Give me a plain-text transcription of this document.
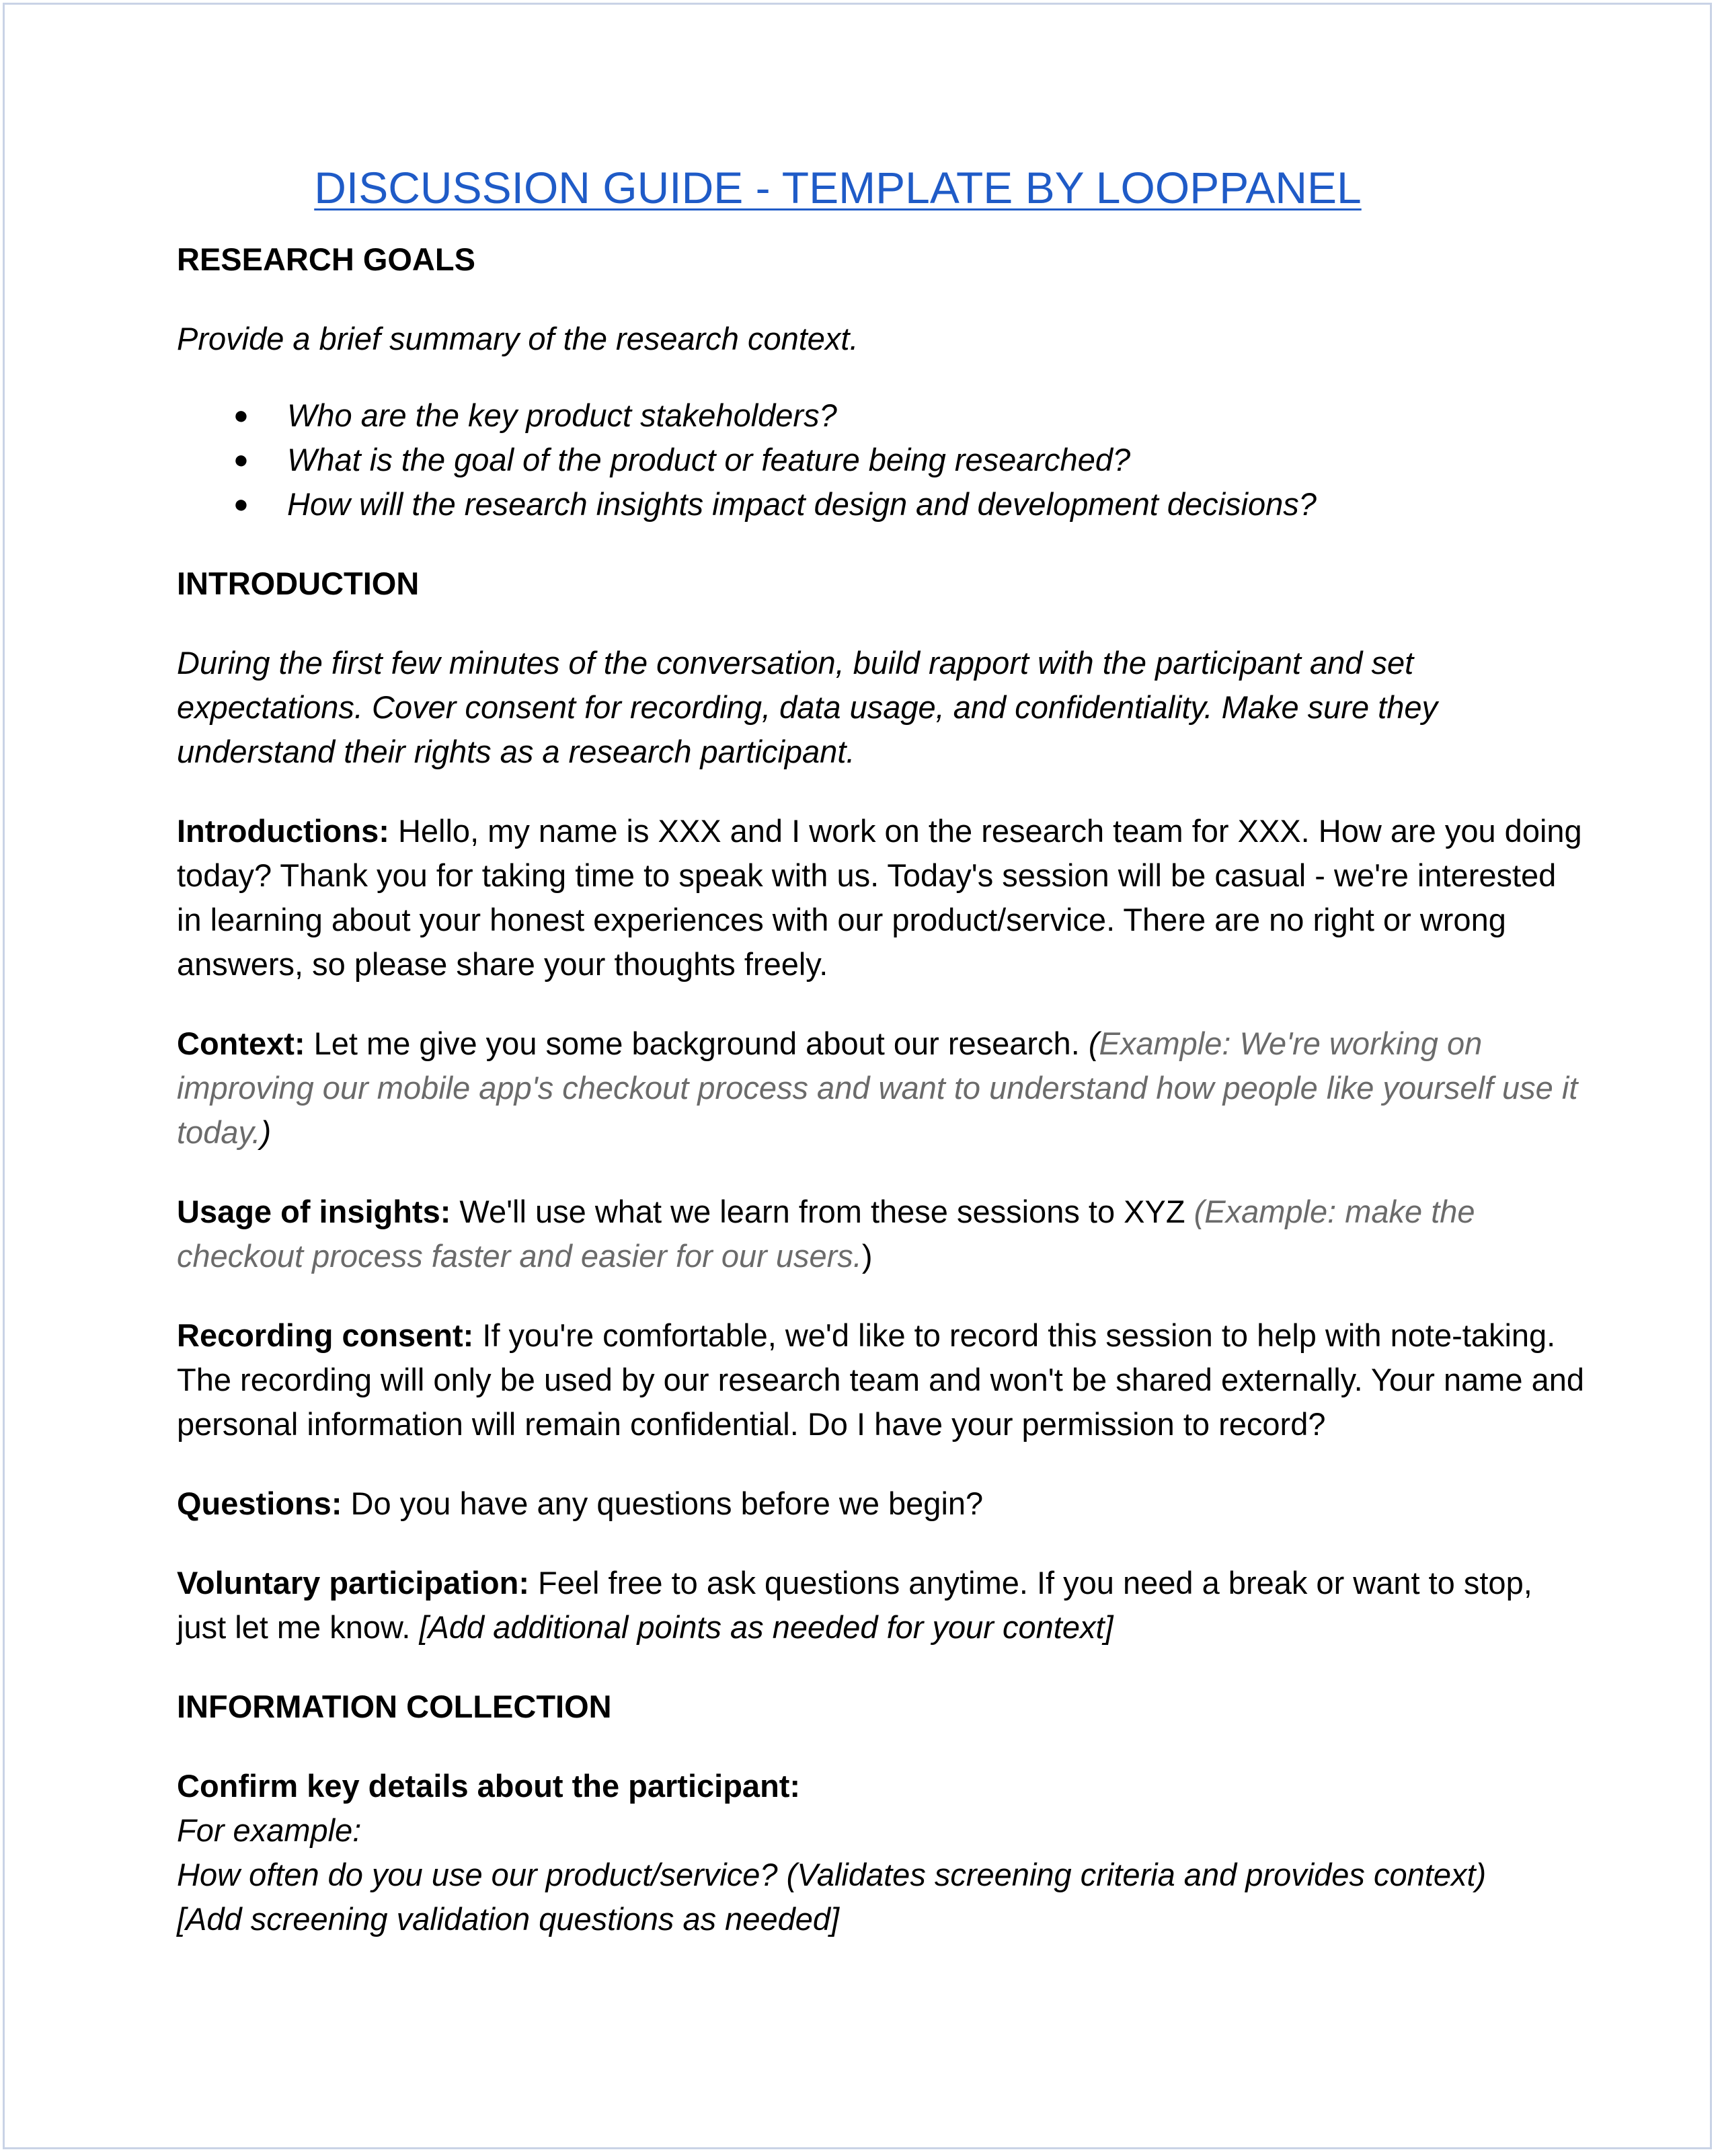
DISCUSSION GUIDE - TEMPLATE BY LOOPPANEL
RESEARCH GOALS
Provide a brief summary of the research context.
● Who are the key product stakeholders?
● What is the goal of the product or feature being researched?
● How will the research insights impact design and development decisions?
INTRODUCTION
During the first few minutes of the conversation, build rapport with the participant and set expectations. Cover consent for recording, data usage, and confidentiality. Make sure they understand their rights as a research participant.
Introductions: Hello, my name is XXX and I work on the research team for XXX. How are you doing today? Thank you for taking time to speak with us. Today's session will be casual - we're interested in learning about your honest experiences with our product/service. There are no right or wrong answers, so please share your thoughts freely.
Context: Let me give you some background about our research. (Example: We're working on improving our mobile app's checkout process and want to understand how people like yourself use it today.)
Usage of insights: We'll use what we learn from these sessions to XYZ (Example: make the checkout process faster and easier for our users.)
Recording consent: If you're comfortable, we'd like to record this session to help with note-taking. The recording will only be used by our research team and won't be shared externally. Your name and personal information will remain confidential. Do I have your permission to record?
Questions: Do you have any questions before we begin?
Voluntary participation: Feel free to ask questions anytime. If you need a break or want to stop, just let me know. [Add additional points as needed for your context]
INFORMATION COLLECTION
Confirm key details about the participant:
For example:
How often do you use our product/service? (Validates screening criteria and provides context)
[Add screening validation questions as needed]
